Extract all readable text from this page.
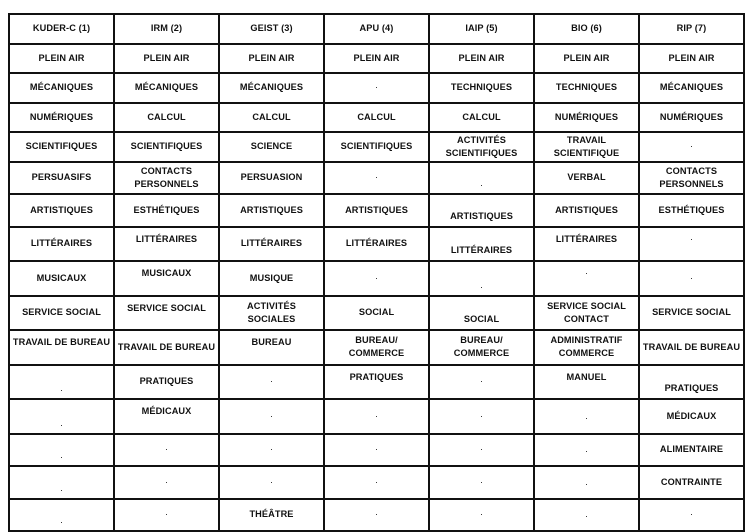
KUDER-C (1)	IRM (2)	GEIST (3)	APU (4)	IAIP (5)	BIO (6)	RIP (7)
PLEIN AIR	PLEIN AIR	PLEIN AIR	PLEIN AIR	PLEIN AIR	PLEIN AIR	PLEIN AIR
MÉCANIQUES	MÉCANIQUES	MÉCANIQUES	·	TECHNIQUES	TECHNIQUES	MÉCANIQUES
NUMÉRIQUES	CALCUL	CALCUL	CALCUL	CALCUL	NUMÉRIQUES	NUMÉRIQUES
SCIENTIFIQUES	SCIENTIFIQUES	SCIENCE	SCIENTIFIQUES	ACTIVITÉS SCIENTIFIQUES	TRAVAIL SCIENTIFIQUE	·
PERSUASIFS	CONTACTS PERSONNELS	PERSUASION	·	.	VERBAL	CONTACTS PERSONNELS
ARTISTIQUES	ESTHÉTIQUES	ARTISTIQUES	ARTISTIQUES	ARTISTIQUES	ARTISTIQUES	ESTHÉTIQUES
LITTÉRAIRES	LITTÉRAIRES	LITTÉRAIRES	LITTÉRAIRES	LITTÉRAIRES	LITTÉRAIRES	·
MUSICAUX	MUSICAUX	MUSIQUE	·	.	·	·
SERVICE SOCIAL	SERVICE SOCIAL	ACTIVITÉS SOCIALES	SOCIAL	SOCIAL	SERVICE SOCIAL CONTACT	SERVICE SOCIAL
TRAVAIL DE BUREAU	TRAVAIL DE BUREAU	BUREAU	BUREAU/ COMMERCE	BUREAU/ COMMERCE	ADMINISTRATIF COMMERCE	TRAVAIL DE BUREAU
.	PRATIQUES	·	PRATIQUES	·	MANUEL	PRATIQUES
.	MÉDICAUX	·	·	·	.	MÉDICAUX
.	·	·	·	·	.	ALIMENTAIRE
.	·	·	·	·	.	CONTRAINTE
.	·	THÉÂTRE	·	·	.	·
